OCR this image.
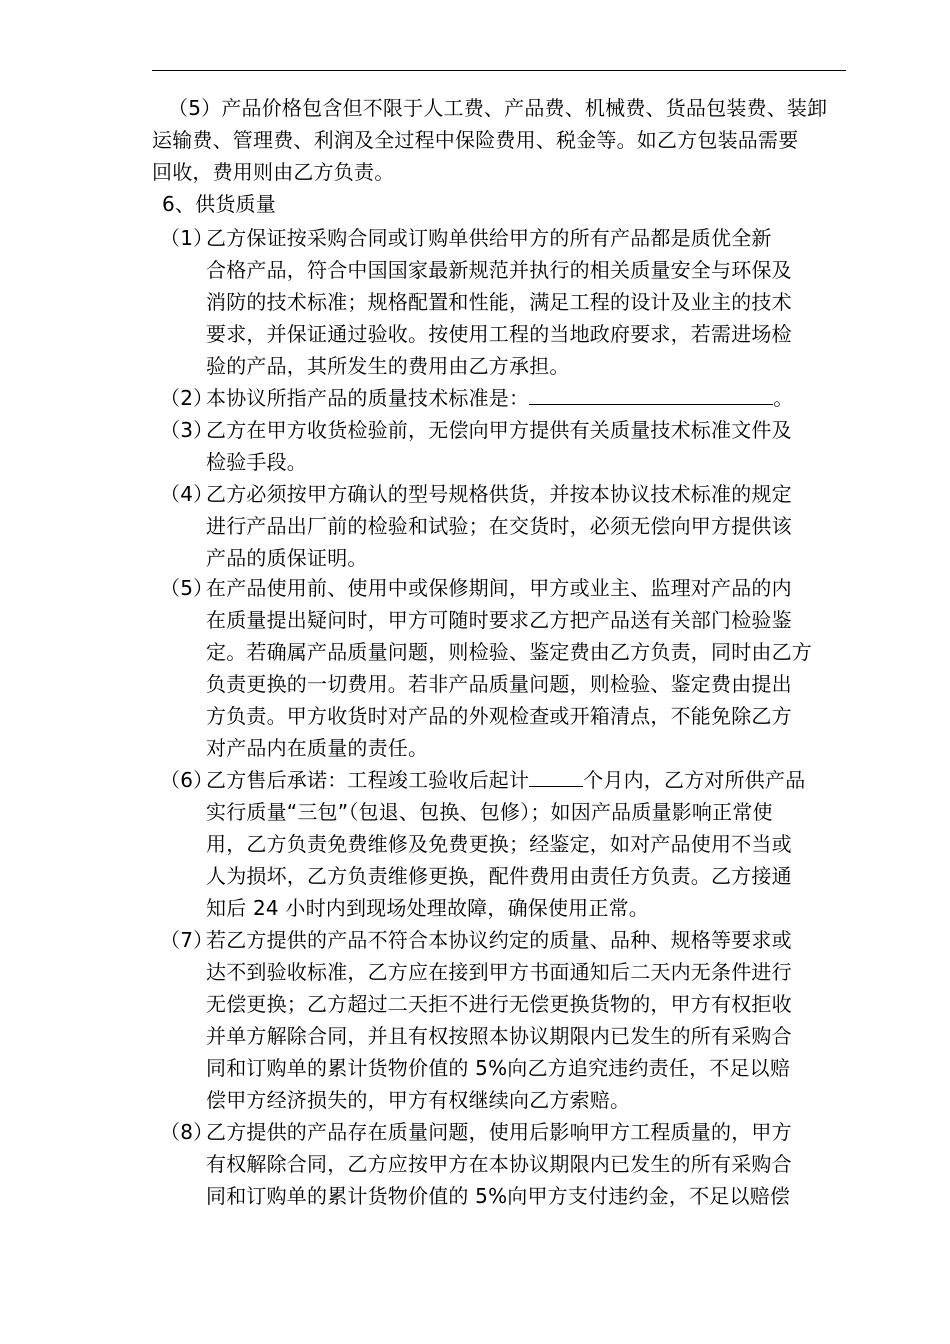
（5）产品价格包含但不限于人工费、产品费、机械费、货品包装费、装卸
运输费、管理费、利润及全过程中保险费用、税金等。如乙方包装品需要
回收，费用则由乙方负责。
6、供货质量
（1）乙方保证按采购合同或订购单供给甲方的所有产品都是质优全新
合格产品，符合中国国家最新规范并执行的相关质量安全与环保及
消防的技术标准；规格配置和性能，满足工程的设计及业主的技术
要求，并保证通过验收。按使用工程的当地政府要求，若需进场检
验的产品，其所发生的费用由乙方承担。
（2）本协议所指产品的质量技术标准是：	。
（3）乙方在甲方收货检验前，无偿向甲方提供有关质量技术标准文件及
检验手段。
（4）乙方必须按甲方确认的型号规格供货，并按本协议技术标准的规定
进行产品出厂前的检验和试验；在交货时，必须无偿向甲方提供该
产品的质保证明。
（5）在产品使用前、使用中或保修期间，甲方或业主、监理对产品的内
在质量提出疑问时，甲方可随时要求乙方把产品送有关部门检验鉴
定。若确属产品质量问题，则检验、鉴定费由乙方负责，同时由乙方
负责更换的一切费用。若非产品质量问题，则检验、鉴定费由提出
方负责。甲方收货时对产品的外观检查或开箱清点，不能免除乙方
对产品内在质量的责任。
（6）乙方售后承诺：工程竣工验收后起计	个月内，乙方对所供产品
实行质量“三包”（包退、包换、包修）；如因产品质量影响正常使
用，乙方负责免费维修及免费更换；经鉴定，如对产品使用不当或
人为损坏，乙方负责维修更换，配件费用由责任方负责。乙方接通
知后 24 小时内到现场处理故障，确保使用正常。
（7）若乙方提供的产品不符合本协议约定的质量、品种、规格等要求或
达不到验收标准，乙方应在接到甲方书面通知后二天内无条件进行
无偿更换；乙方超过二天拒不进行无偿更换货物的，甲方有权拒收
并单方解除合同，并且有权按照本协议期限内已发生的所有采购合
同和订购单的累计货物价值的 5%向乙方追究违约责任，不足以赔
偿甲方经济损失的，甲方有权继续向乙方索赔。
（8）乙方提供的产品存在质量问题，使用后影响甲方工程质量的，甲方
有权解除合同，乙方应按甲方在本协议期限内已发生的所有采购合
同和订购单的累计货物价值的 5%向甲方支付违约金，不足以赔偿
